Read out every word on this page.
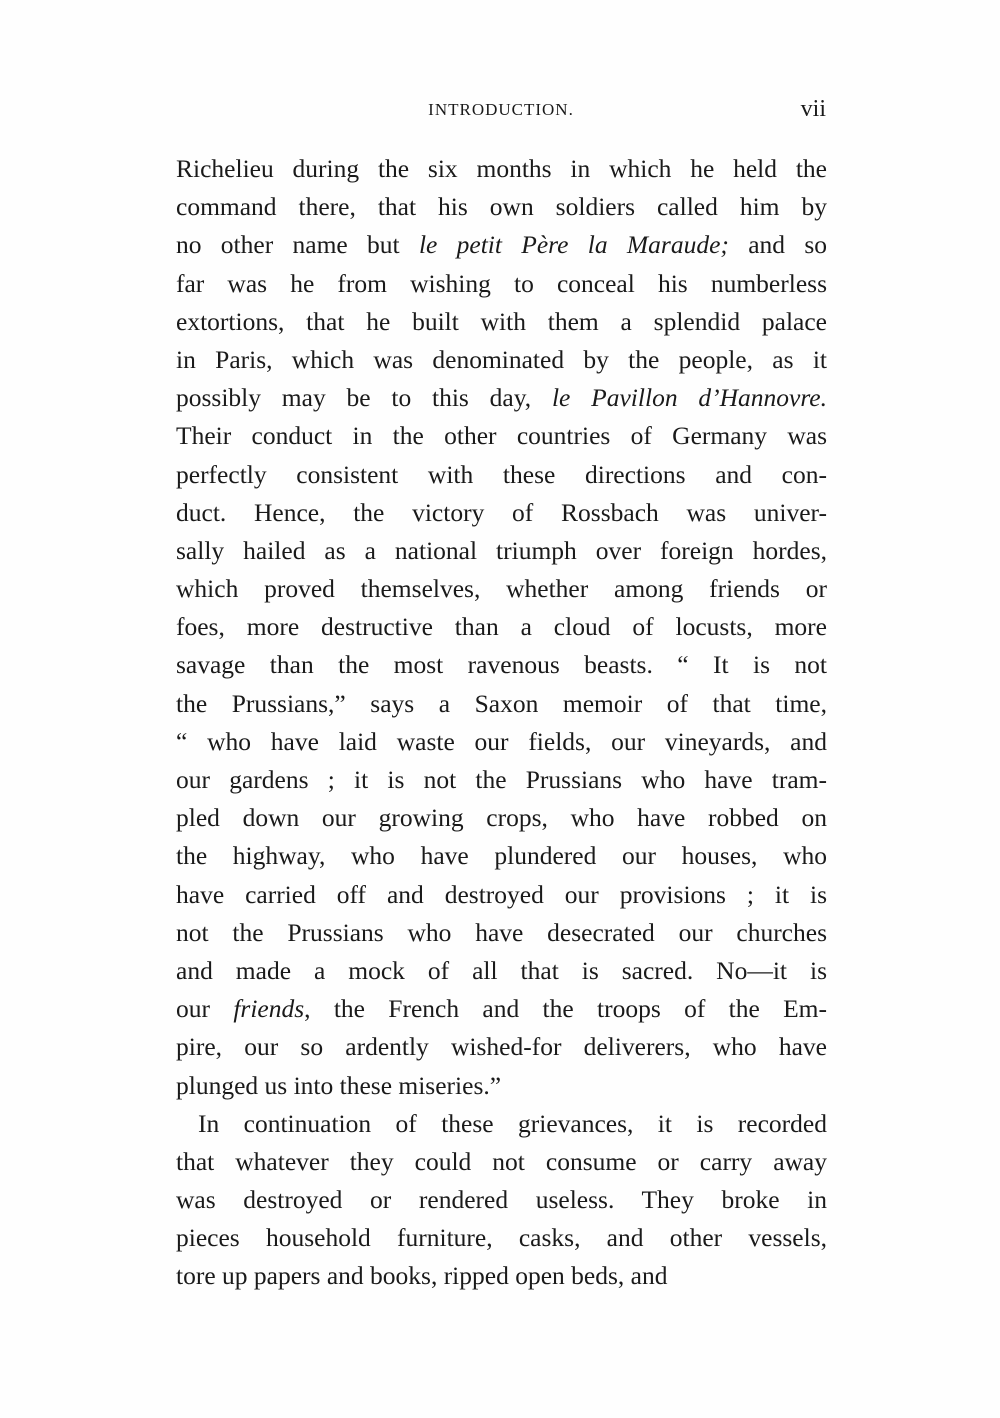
INTRODUCTION.	vii
Richelieu during the six months in which he held the
command there, that his own soldiers called him by
no other name but le petit Père la Maraude; and so
far was he from wishing to conceal his numberless
extortions, that he built with them a splendid palace
in Paris, which was denominated by the people, as it
possibly may be to this day, le Pavillon d’Hannovre.
Their conduct in the other countries of Germany was
perfectly consistent with these directions and con-
duct. Hence, the victory of Rossbach was univer-
sally hailed as a national triumph over foreign hordes,
which proved themselves, whether among friends or
foes, more destructive than a cloud of locusts, more
savage than the most ravenous beasts. “ It is not
the Prussians,” says a Saxon memoir of that time,
“ who have laid waste our fields, our vineyards, and
our gardens ; it is not the Prussians who have tram-
pled down our growing crops, who have robbed on
the highway, who have plundered our houses, who
have carried off and destroyed our provisions ; it is
not the Prussians who have desecrated our churches
and made a mock of all that is sacred. No—it is
our friends, the French and the troops of the Em-
pire, our so ardently wished-for deliverers, who have
plunged us into these miseries.”
In continuation of these grievances, it is recorded
that whatever they could not consume or carry away
was destroyed or rendered useless. They broke in
pieces household furniture, casks, and other vessels,
tore up papers and books, ripped open beds, and
